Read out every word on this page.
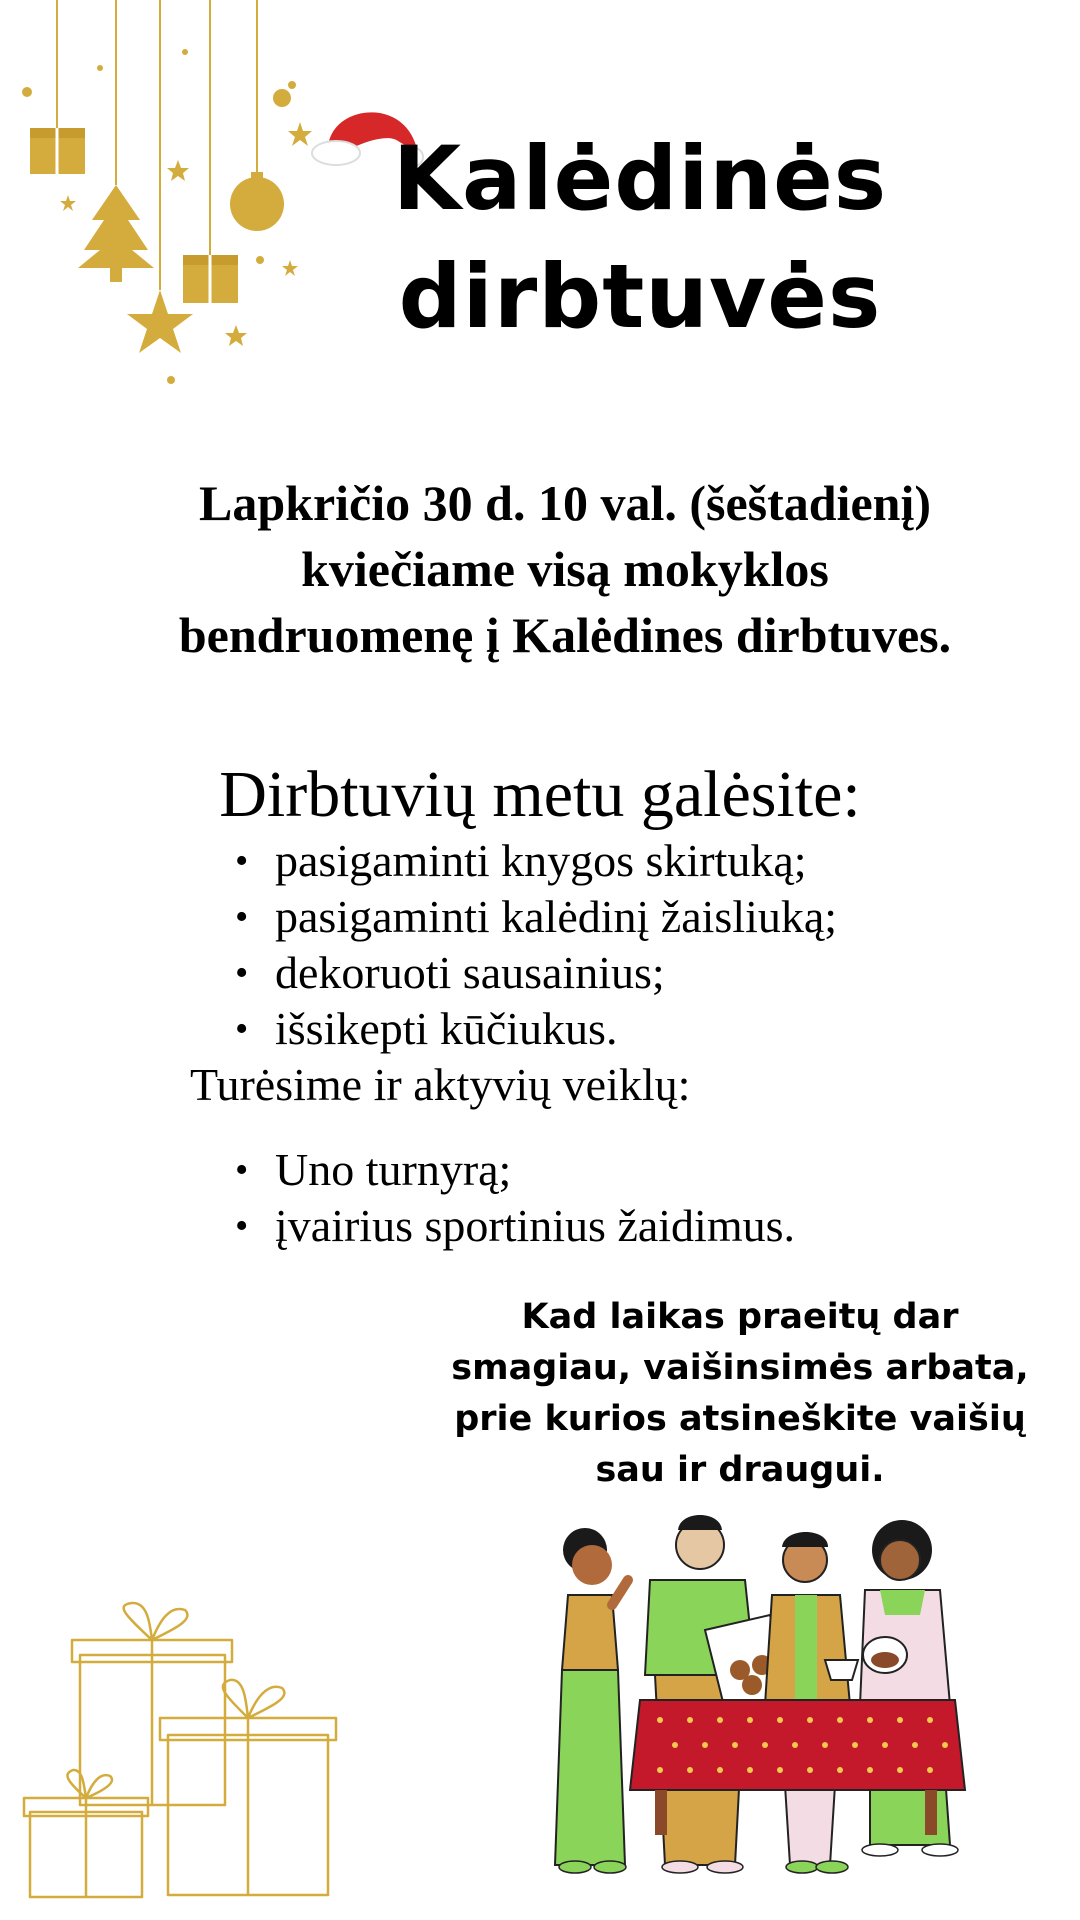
Kalėdinės
dirbtuvės
Lapkričio 30 d. 10 val. (šeštadienį)
kviečiame visą mokyklos
bendruomenę į Kalėdines dirbtuves.
Dirbtuvių metu galėsite:
• pasigaminti knygos skirtuką;
• pasigaminti kalėdinį žaisliuką;
• dekoruoti sausainius;
• išsikepti kūčiukus.
Turėsime ir aktyvių veiklų:
• Uno turnyrą;
• įvairius sportinius žaidimus.
Kad laikas praeitų dar
smagiau, vaišinsimės arbata,
prie kurios atsineškite vaišių
sau ir draugui.
